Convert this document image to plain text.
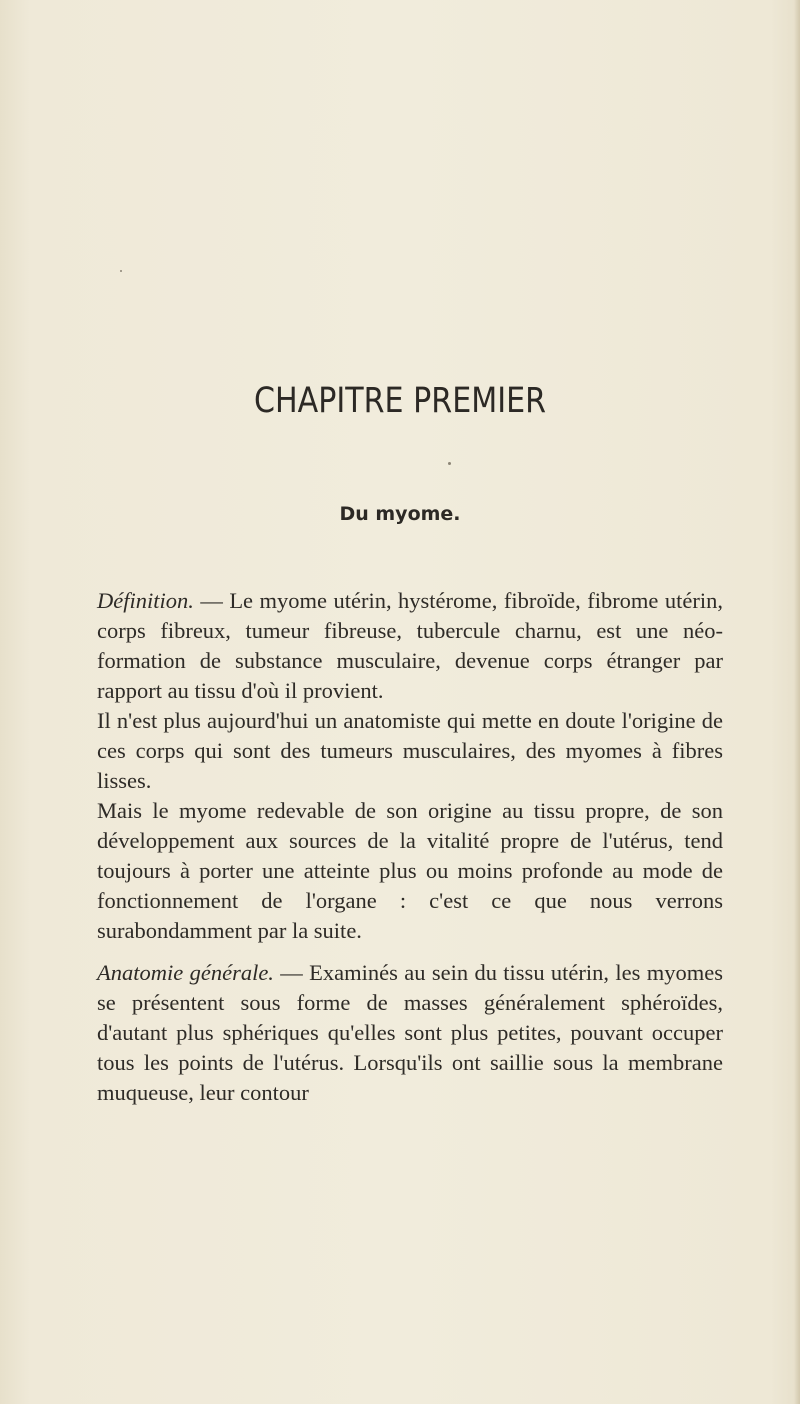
CHAPITRE PREMIER
Du myome.

Définition. — Le myome utérin, hystérome, fibroïde, fibrome utérin, corps fibreux, tumeur fibreuse, tubercule charnu, est une néo-formation de substance musculaire, devenue corps étranger par rapport au tissu d'où il provient.

Il n'est plus aujourd'hui un anatomiste qui mette en doute l'origine de ces corps qui sont des tumeurs musculaires, des myomes à fibres lisses.

Mais le myome redevable de son origine au tissu propre, de son développement aux sources de la vitalité propre de l'utérus, tend toujours à porter une atteinte plus ou moins profonde au mode de fonctionnement de l'organe : c'est ce que nous verrons surabondamment par la suite.

Anatomie générale. — Examinés au sein du tissu utérin, les myomes se présentent sous forme de masses généralement sphéroïdes, d'autant plus sphériques qu'elles sont plus petites, pouvant occuper tous les points de l'utérus. Lorsqu'ils ont saillie sous la membrane muqueuse, leur contour
